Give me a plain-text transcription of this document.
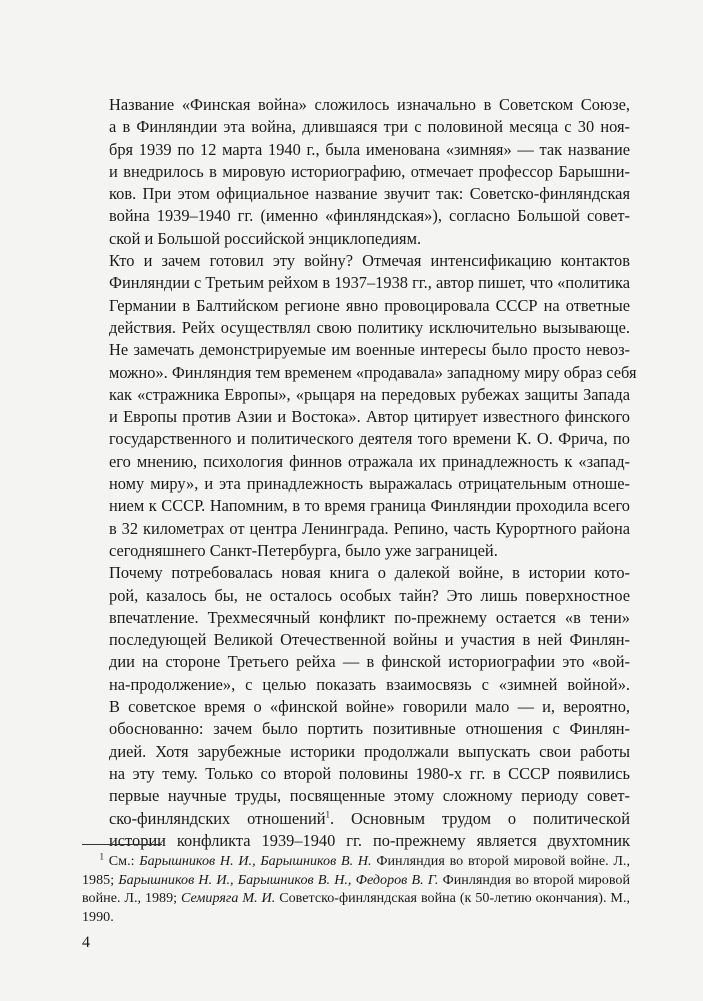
Название «Финская война» сложилось изначально в Советском Союзе,
а в Финляндии эта война, длившаяся три с половиной месяца с 30 ноя-
бря 1939 по 12 марта 1940 г., была именована «зимняя» — так название
и внедрилось в мировую историографию, отмечает профессор Барышни-
ков. При этом официальное название звучит так: Советско-финляндская
война 1939–1940 гг. (именно «финляндская»), согласно Большой совет-
ской и Большой российской энциклопедиям.

Кто и зачем готовил эту войну? Отмечая интенсификацию контактов
Финляндии с Третьим рейхом в 1937–1938 гг., автор пишет, что «политика
Германии в Балтийском регионе явно провоцировала СССР на ответные
действия. Рейх осуществлял свою политику исключительно вызывающе.
Не замечать демонстрируемые им военные интересы было просто невоз-
можно». Финляндия тем временем «продавала» западному миру образ себя
как «стражника Европы», «рыцаря на передовых рубежах защиты Запада
и Европы против Азии и Востока». Автор цитирует известного финского
государственного и политического деятеля того времени К. О. Фрича, по
его мнению, психология финнов отражала их принадлежность к «запад-
ному миру», и эта принадлежность выражалась отрицательным отноше-
нием к СССР. Напомним, в то время граница Финляндии проходила всего
в 32 километрах от центра Ленинграда. Репино, часть Курортного района
сегодняшнего Санкт-Петербурга, было уже заграницей.

Почему потребовалась новая книга о далекой войне, в истории кото-
рой, казалось бы, не осталось особых тайн? Это лишь поверхностное
впечатление. Трехмесячный конфликт по-прежнему остается «в тени»
последующей Великой Отечественной войны и участия в ней Финлян-
дии на стороне Третьего рейха — в финской историографии это «вой-
на-продолжение», с целью показать взаимосвязь с «зимней войной».
В советское время о «финской войне» говорили мало — и, вероятно,
обоснованно: зачем было портить позитивные отношения с Финлян-
дией. Хотя зарубежные историки продолжали выпускать свои работы
на эту тему. Только со второй половины 1980-х гг. в СССР появились
первые научные труды, посвященные этому сложному периоду совет-
ско-финляндских отношений$^1$. Основным трудом о политической
истории конфликта 1939–1940 гг. по-прежнему является двухтомник

$^1$ См.: Барышников Н. И., Барышников В. Н. Финляндия во второй мировой войне. Л., 1985; Барышников Н. И., Барышников В. Н., Федоров В. Г. Финляндия во второй мировой войне. Л., 1989; Семиряга М. И. Советско-финляндская война (к 50-летию окончания). М., 1990.
4
